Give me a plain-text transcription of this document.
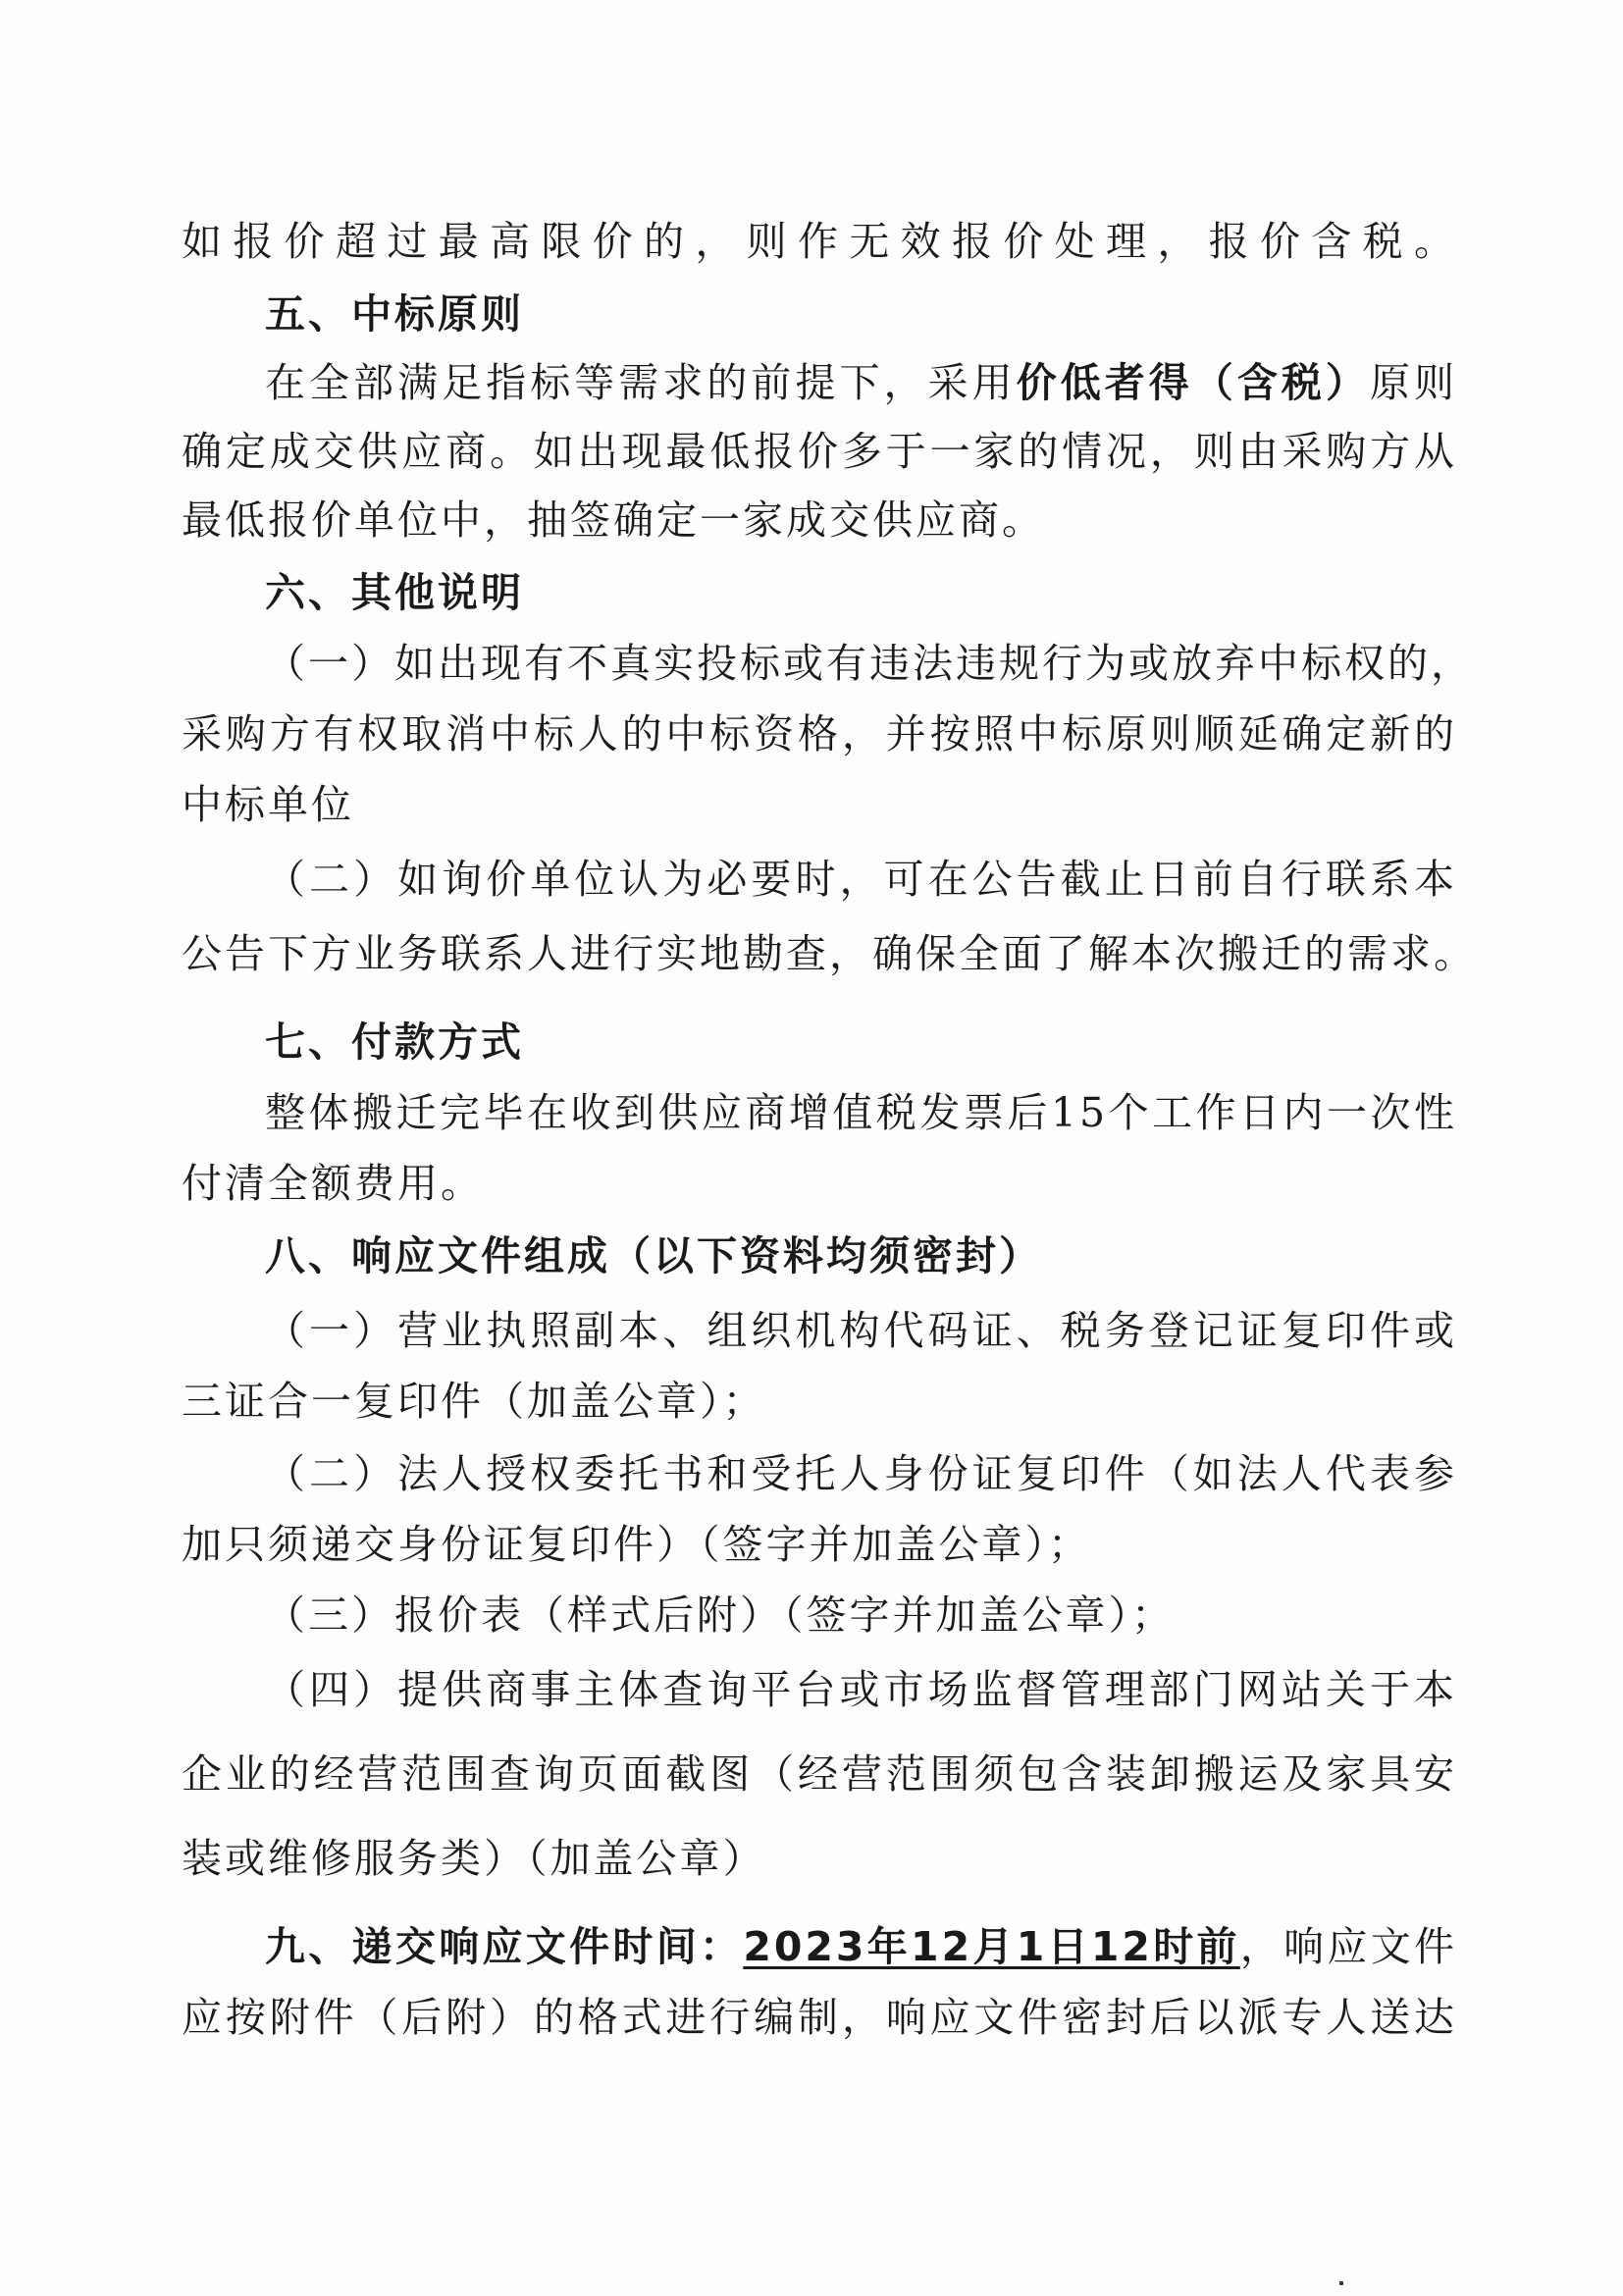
如报价超过最高限价的，则作无效报价处理，报价含税。
五、中标原则
在全部满足指标等需求的前提下，采用价低者得（含税）原则
确定成交供应商。如出现最低报价多于一家的情况，则由采购方从
最低报价单位中，抽签确定一家成交供应商。
六、其他说明
（一）如出现有不真实投标或有违法违规行为或放弃中标权的，
采购方有权取消中标人的中标资格，并按照中标原则顺延确定新的
中标单位
（二）如询价单位认为必要时，可在公告截止日前自行联系本
公告下方业务联系人进行实地勘查，确保全面了解本次搬迁的需求。
七、付款方式
整体搬迁完毕在收到供应商增值税发票后15个工作日内一次性
付清全额费用。
八、响应文件组成（以下资料均须密封）
（一）营业执照副本、组织机构代码证、税务登记证复印件或
三证合一复印件（加盖公章）；
（二）法人授权委托书和受托人身份证复印件（如法人代表参
加只须递交身份证复印件）（签字并加盖公章）；
（三）报价表（样式后附）（签字并加盖公章）；
（四）提供商事主体查询平台或市场监督管理部门网站关于本
企业的经营范围查询页面截图（经营范围须包含装卸搬运及家具安
装或维修服务类）（加盖公章）
九、递交响应文件时间：2023年12月1日12时前，响应文件
应按附件（后附）的格式进行编制，响应文件密封后以派专人送达
